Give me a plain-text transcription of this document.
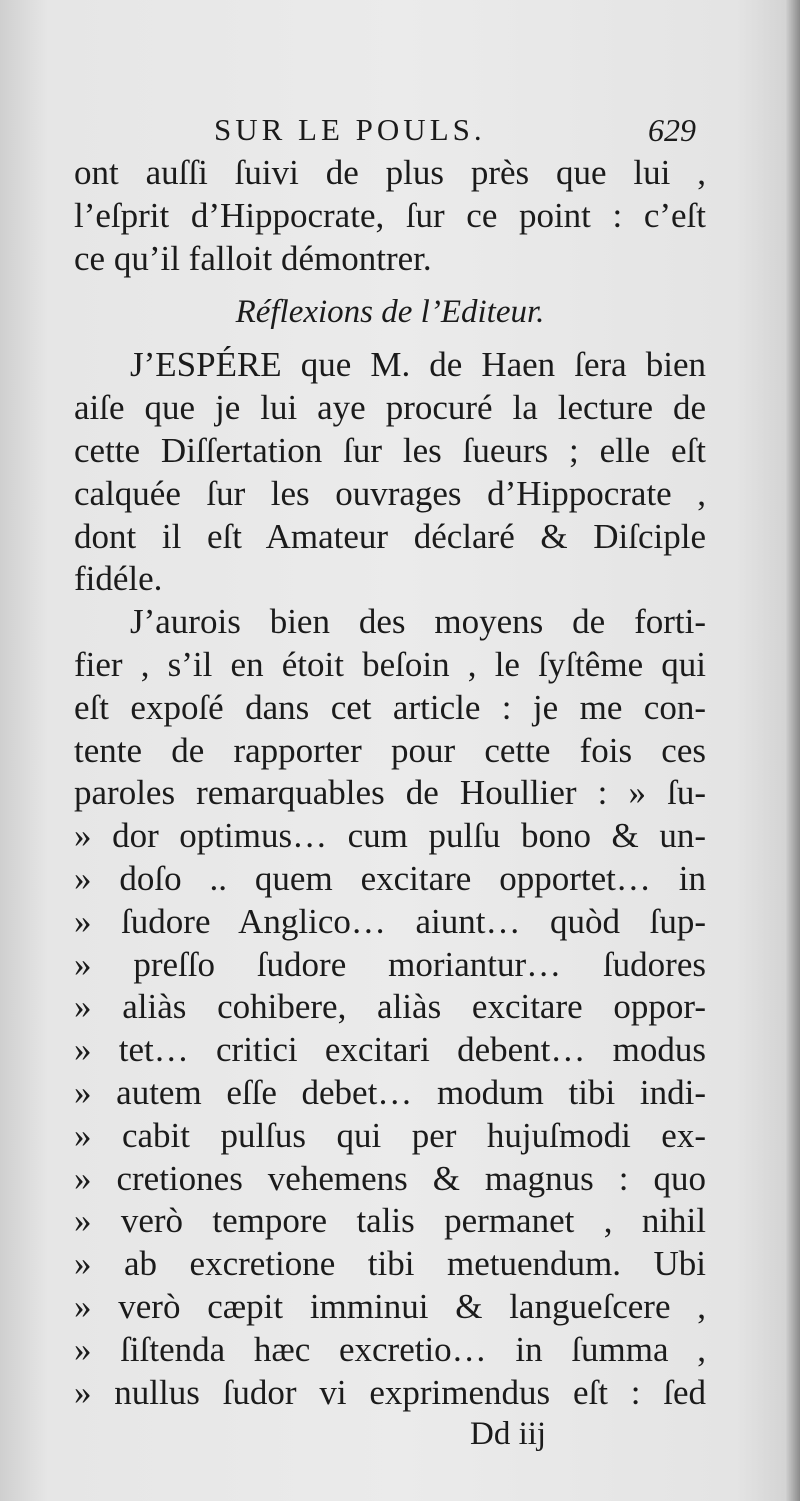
SUR LE POULS.	629
ont auſſi ſuivi de plus près que lui ,
l’eſprit d’Hippocrate, ſur ce point : c’eſt
ce qu’il falloit démontrer.
Réflexions de l’Editeur.
J’ESPÉRE que M. de Haen ſera bien
aiſe que je lui aye procuré la lecture de
cette Diſſertation ſur les ſueurs ; elle eſt
calquée ſur les ouvrages d’Hippocrate ,
dont il eſt Amateur déclaré & Diſciple
fidéle.
J’aurois bien des moyens de forti-
fier , s’il en étoit beſoin , le ſyſtême qui
eſt expoſé dans cet article : je me con-
tente de rapporter pour cette fois ces
paroles remarquables de Houllier : » ſu-
» dor optimus… cum pulſu bono & un-
» doſo .. quem excitare opportet… in
» ſudore Anglico… aiunt… quòd ſup-
» preſſo ſudore moriantur… ſudores
» aliàs cohibere, aliàs excitare oppor-
» tet… critici excitari debent… modus
» autem eſſe debet… modum tibi indi-
» cabit pulſus qui per hujuſmodi ex-
» cretiones vehemens & magnus : quo
» verò tempore talis permanet , nihil
» ab excretione tibi metuendum. Ubi
» verò cæpit imminui & langueſcere ,
» ſiſtenda hæc excretio… in ſumma ,
» nullus ſudor vi exprimendus eſt : ſed
Dd iij
